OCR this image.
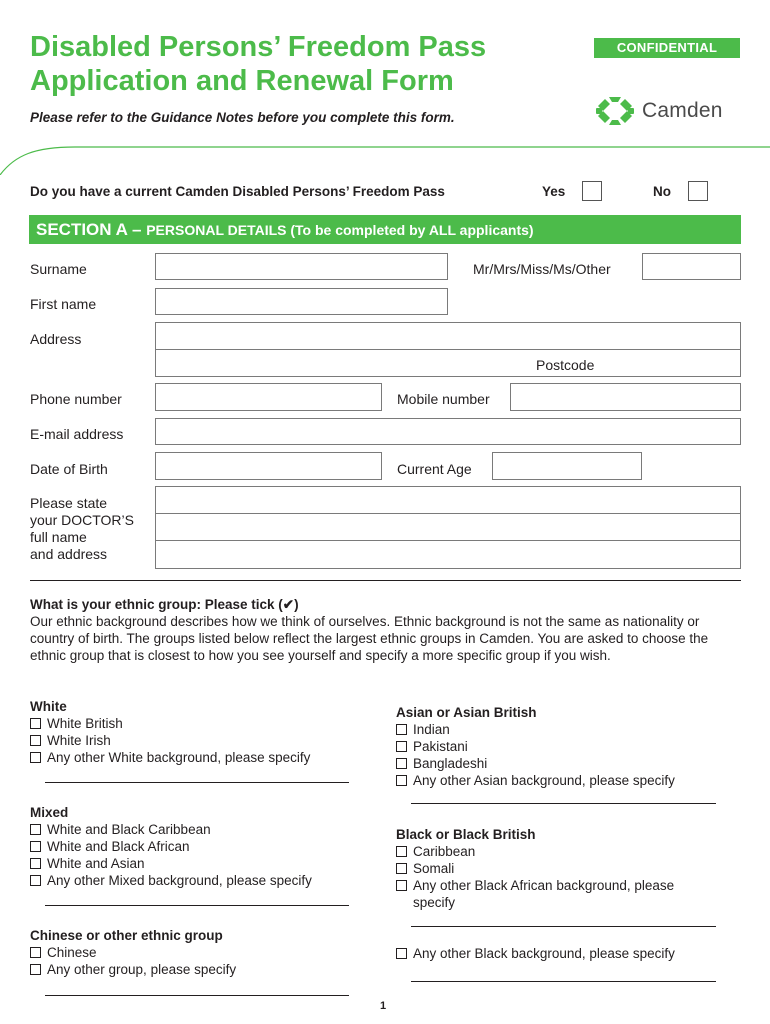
Disabled Persons’ Freedom Pass
Application and Renewal Form
CONFIDENTIAL
Please refer to the Guidance Notes before you complete this form.	Camden
Do you have a current Camden Disabled Persons’ Freedom Pass	Yes	No
SECTION A – PERSONAL DETAILS (To be completed by ALL applicants)
Surname	Mr/Mrs/Miss/Ms/Other
First name
Address
Postcode
Phone number	Mobile number
E-mail address
Date of Birth	Current Age
Please state
your DOCTOR’S
full name
and address
What is your ethnic group: Please tick (✔)

Our ethnic background describes how we think of ourselves. Ethnic background is not the same as nationality or country of birth. The groups listed below reflect the largest ethnic groups in Camden. You are asked to choose the ethnic group that is closest to how you see yourself and specify a more specific group if you wish.

White
White British
White Irish
Any other White background, please specify
Mixed
White and Black Caribbean
White and Black African
White and Asian
Any other Mixed background, please specify
Chinese or other ethnic group
Chinese
Any other group, please specify
Asian or Asian British
Indian
Pakistani
Bangladeshi
Any other Asian background, please specify
Black or Black British
Caribbean
Somali
Any other Black African background, please
specify
Any other Black background, please specify
1
